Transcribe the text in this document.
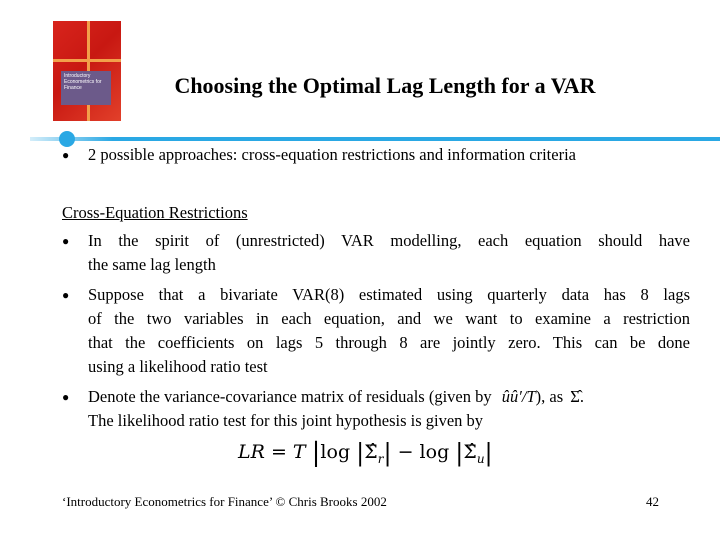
Introductory Econometrics for Finance	Choosing the Optimal Lag Length for a VAR
● 2 possible approaches: cross-equation restrictions and information criteria
Cross-Equation Restrictions
● In the spirit of (unrestricted) VAR modelling, each equation should have
the same lag length
● Suppose that a bivariate VAR(8) estimated using quarterly data has 8 lags
of the two variables in each equation, and we want to examine a restriction
that the coefficients on lags 5 through 8 are jointly zero. This can be done
using a likelihood ratio test
● Denote the variance-covariance matrix of residuals (given by ûû′/T), as Σ̂.
The likelihood ratio test for this joint hypothesis is given by
LR = T |log $|\Sigmâ_r| - \log$ $|\Sigmâ_u|$
‘Introductory Econometrics for Finance’ © Chris Brooks 2002	42
